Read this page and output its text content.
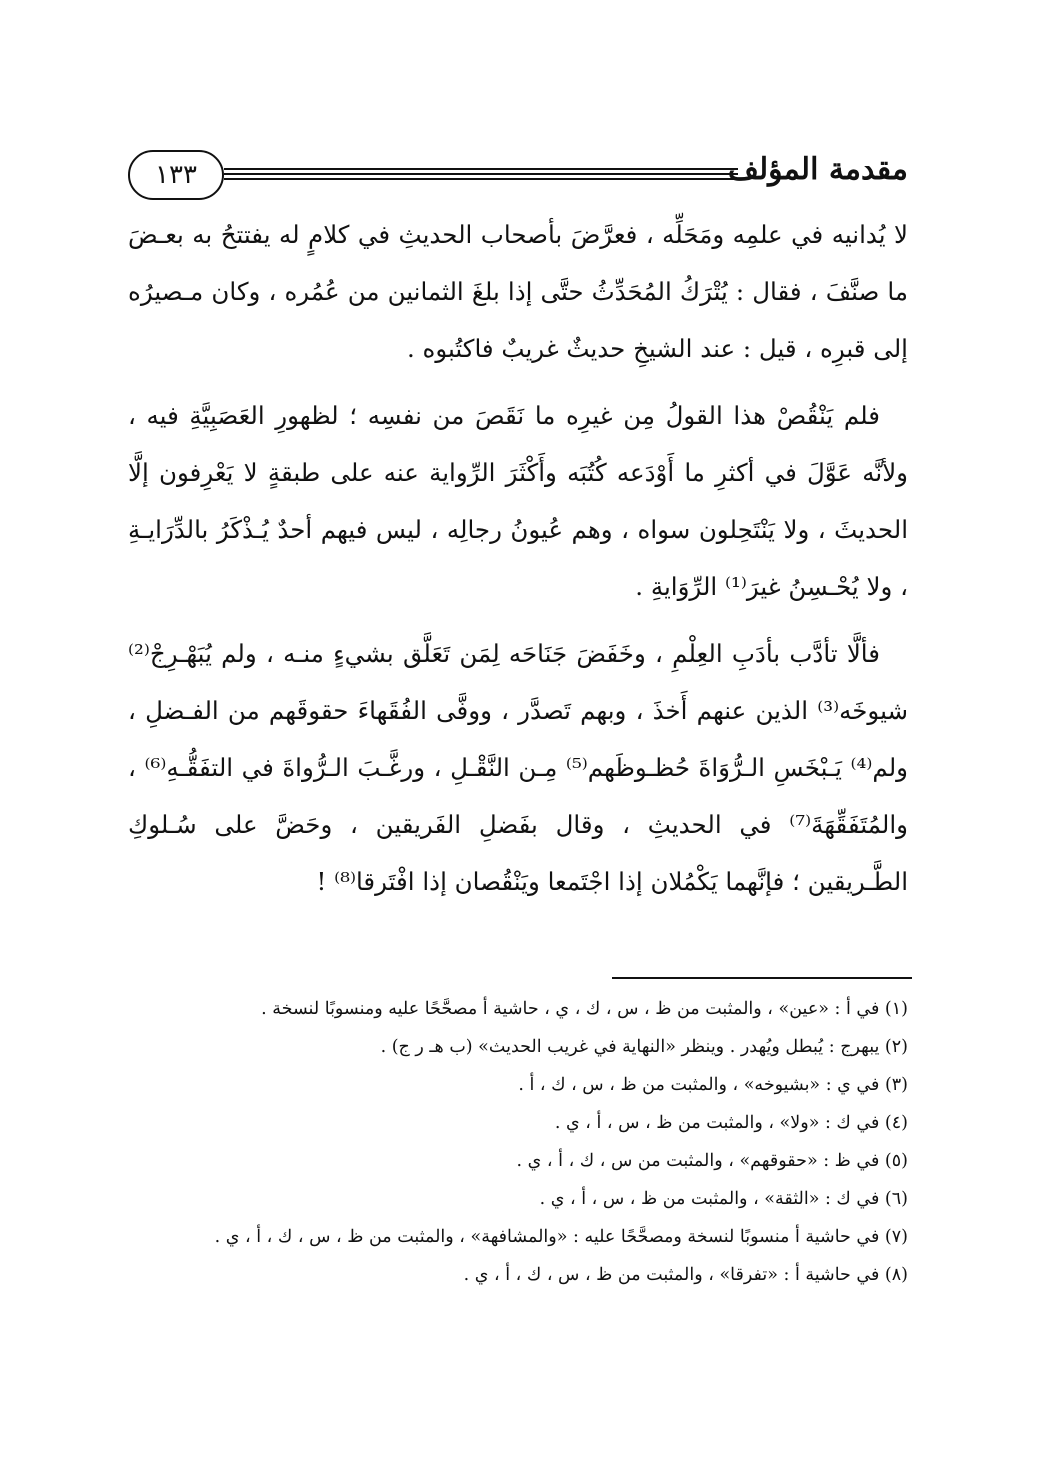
١٣٣	مقدمة المؤلف

لا يُدانيه في علمِه ومَحَلِّه ، فعرَّضَ بأصحاب الحديثِ في كلامٍ له يفتتحُ به بعـضَ ما صنَّفَ ، فقال : يُتْرَكُ المُحَدِّثُ حتَّى إذا بلغَ الثمانين من عُمُره ، وكان مـصيرُه إلى قبرِه ، قيل : عند الشيخِ حديثٌ غريبٌ فاكتُبوه .

فلم يَنْقُصْ هذا القولُ مِن غيرِه ما نَقَصَ من نفسِه ؛ لظهورِ العَصَبِيَّةِ فيه ، ولأنَّه عَوَّلَ في أكثرِ ما أَوْدَعه كُتُبَه وأَكْثَرَ الرِّواية عنه على طبقةٍ لا يَعْرِفون إلَّا الحديثَ ، ولا يَنْتَحِلون سواه ، وهم عُيونُ رجالِه ، ليس فيهم أحدٌ يُـذْكَرُ بالدِّرَايـةِ ، ولا يُحْـسِنُ غيرَ⁽¹⁾ الرِّوَايةِ .

فألَّا تأدَّب بأدَبِ العِلْمِ ، وخَفَضَ جَنَاحَه لِمَن تَعَلَّق بشيءٍ منـه ، ولم يُبَهْـرِجْ⁽²⁾ شيوخَه⁽³⁾ الذين عنهم أَخذَ ، وبهم تَصدَّر ، ووفَّى الفُقَهاءَ حقوقَهم من الفـضلِ ، ولم⁽⁴⁾ يَـبْخَسِ الـرُّوَاةَ حُظـوظَهم⁽⁵⁾ مِـن النَّقْـلِ ، ورغَّـبَ الـرُّواةَ في التفَقُّـهِ⁽⁶⁾ ، والمُتَفَقِّهَةَ⁽⁷⁾ في الحديثِ ، وقال بفَضلِ الفَريقين ، وحَضَّ على سُـلوكِ الطَّـريقين ؛ فإنَّهما يَكْمُلان إذا اجْتَمعا ويَنْقُصان إذا افْتَرقا⁽⁸⁾ !

(١) في أ : «عين» ، والمثبت من ظ ، س ، ك ، ي ، حاشية أ مصحَّحًا عليه ومنسوبًا لنسخة .

(٢) يبهرج : يُبطل ويُهدر . وينظر «النهاية في غريب الحديث» (ب هـ ر ج) .

(٣) في ي : «بشيوخه» ، والمثبت من ظ ، س ، ك ، أ .

(٤) في ك : «ولا» ، والمثبت من ظ ، س ، أ ، ي .

(٥) في ظ : «حقوقهم» ، والمثبت من س ، ك ، أ ، ي .

(٦) في ك : «الثقة» ، والمثبت من ظ ، س ، أ ، ي .

(٧) في حاشية أ منسوبًا لنسخة ومصحَّحًا عليه : «والمشافهة» ، والمثبت من ظ ، س ، ك ، أ ، ي .

(٨) في حاشية أ : «تفرقا» ، والمثبت من ظ ، س ، ك ، أ ، ي .
